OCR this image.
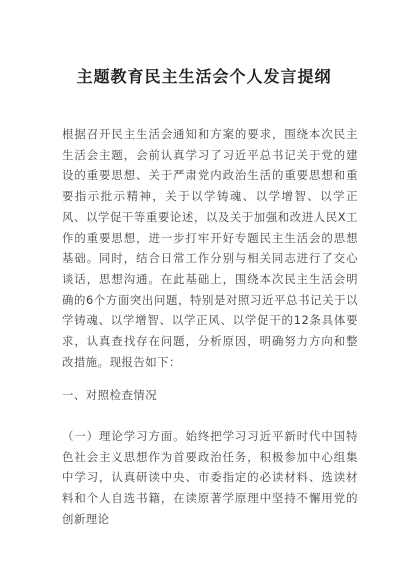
主题教育民主生活会个人发言提纲
根据召开民主生活会通知和方案的要求，围绕本次民主生活会主题，会前认真学习了习近平总书记关于党的建设的重要思想、关于严肃党内政治生活的重要思想和重要指示批示精神，关于以学铸魂、以学增智、以学正风、以学促干等重要论述，以及关于加强和改进人民X工作的重要思想，进一步打牢开好专题民主生活会的思想基础。同时，结合日常工作分别与相关同志进行了交心谈话，思想沟通。在此基础上，围绕本次民主生活会明确的6个方面突出问题，特别是对照习近平总书记关于以学铸魂、以学增智、以学正风、以学促干的12条具体要求，认真查找存在问题，分析原因，明确努力方向和整改措施。现报告如下：
一、对照检查情况
（一）理论学习方面。始终把学习习近平新时代中国特色社会主义思想作为首要政治任务，积极参加中心组集中学习，认真研读中央、市委指定的必读材料、选读材料和个人自选书籍，在读原著学原理中坚持不懈用党的创新理论
